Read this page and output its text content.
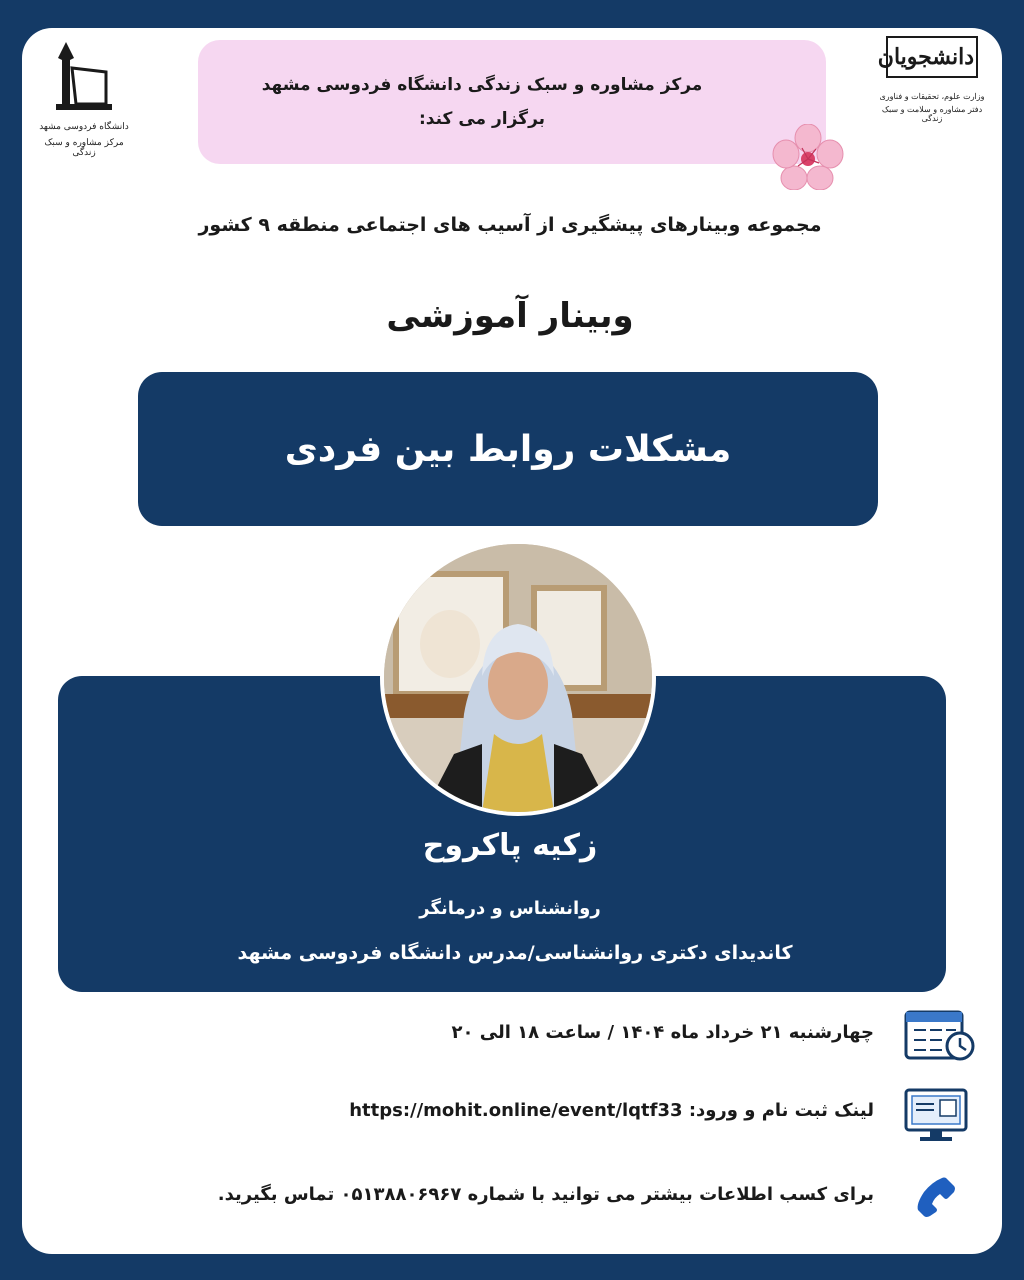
دانشگاه فردوسی مشهد
مرکز مشاوره و سبک زندگی
دانشجویان
وزارت علوم، تحقیقات و فناوری
دفتر مشاوره و سلامت و سبک زندگی
مرکز مشاوره و سبک زندگی دانشگاه فردوسی مشهد
برگزار می کند:
مجموعه وبینارهای پیشگیری از آسیب های اجتماعی منطقه ۹ کشور
وبینار آموزشی
مشکلات روابط بین فردی
زکیه پاکروح
روانشناس و درمانگر
کاندیدای دکتری روانشناسی/مدرس دانشگاه فردوسی مشهد
چهارشنبه ۲۱ خرداد ماه ۱۴۰۴ / ساعت ۱۸ الی ۲۰
لینک ثبت نام و ورود: https://mohit.online/event/lqtf33
برای کسب اطلاعات بیشتر می توانید با شماره ۰۵۱۳۸۸۰۶۹۶۷ تماس بگیرید.
